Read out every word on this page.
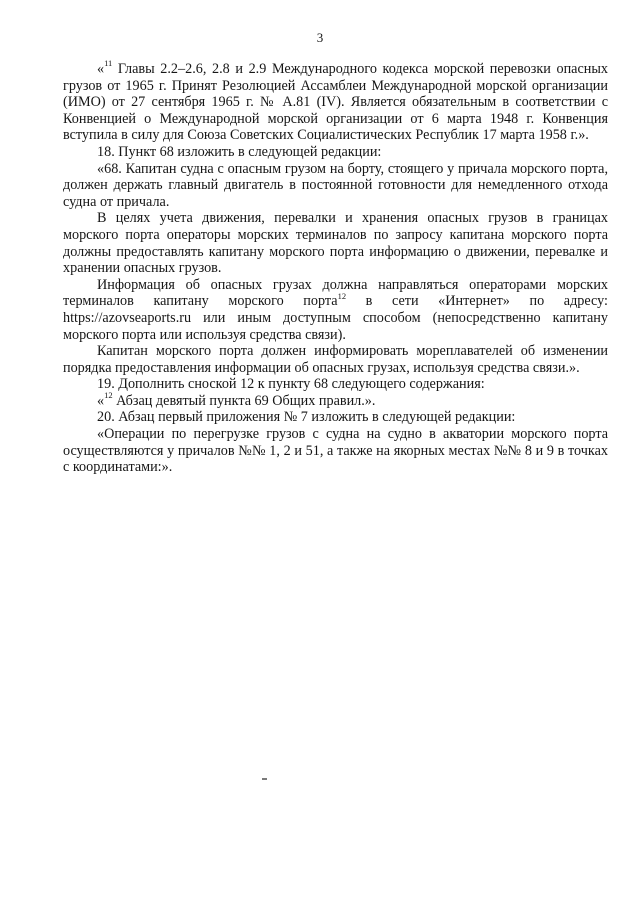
3

«$^{11}$ Главы 2.2–2.6, 2.8 и 2.9 Международного кодекса морской перевозки опасных грузов от 1965 г. Принят Резолюцией Ассамблеи Международной морской организации (ИМО) от 27 сентября 1965 г. № А.81 (IV). Является обязательным в соответствии с Конвенцией о Международной морской организации от 6 марта 1948 г. Конвенция вступила в силу для Союза Советских Социалистических Республик 17 марта 1958 г.».

18. Пункт 68 изложить в следующей редакции:

«68. Капитан судна с опасным грузом на борту, стоящего у причала морского порта, должен держать главный двигатель в постоянной готовности для немедленного отхода судна от причала.

В целях учета движения, перевалки и хранения опасных грузов в границах морского порта операторы морских терминалов по запросу капитана морского порта должны предоставлять капитану морского порта информацию о движении, перевалке и хранении опасных грузов.

Информация об опасных грузах должна направляться операторами морских терминалов капитану морского порта$^{12}$ в сети «Интернет» по адресу: https://azovseaports.ru или иным доступным способом (непосредственно капитану морского порта или используя средства связи).

Капитан морского порта должен информировать мореплавателей об изменении порядка предоставления информации об опасных грузах, используя средства связи.».

19. Дополнить сноской 12 к пункту 68 следующего содержания:

«$^{12}$ Абзац девятый пункта 69 Общих правил.».

20. Абзац первый приложения № 7 изложить в следующей редакции:

«Операции по перегрузке грузов с судна на судно в акватории морского порта осуществляются у причалов №№ 1, 2 и 51, а также на якорных местах №№ 8 и 9 в точках с координатами:».
